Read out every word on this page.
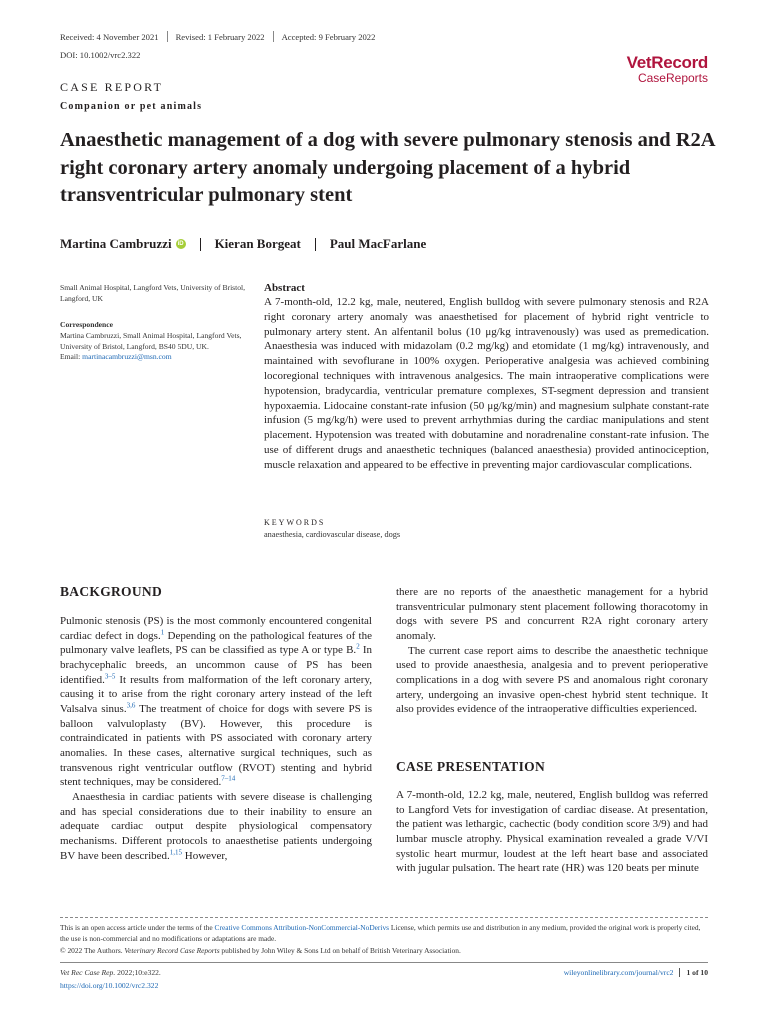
Received: 4 November 2021 Revised: 1 February 2022 Accepted: 9 February 2022
DOI: 10.1002/vrc2.322	VetRecord
CaseReports
CASE REPORT
Companion or pet animals
Anaesthetic management of a dog with severe pulmonary stenosis and R2A right coronary artery anomaly undergoing placement of a hybrid transventricular pulmonary stent
Martina Cambruzzi	iD Kieran Borgeat Paul MacFarlane
Small Animal Hospital, Langford Vets, University of Bristol, Langford, UK
Correspondence
Martina Cambruzzi, Small Animal Hospital, Langford Vets, University of Bristol, Langford, BS40 5DU, UK.
Email: martinacambruzzi@msn.com
Abstract
A 7-month-old, 12.2 kg, male, neutered, English bulldog with severe pulmonary stenosis and R2A right coronary artery anomaly was anaesthetised for placement of hybrid right ventricle to pulmonary artery stent. An alfentanil bolus (10 μg/kg intravenously) was used as premedication. Anaesthesia was induced with midazolam (0.2 mg/kg) and etomidate (1 mg/kg) intravenously, and maintained with sevoflurane in 100% oxygen. Perioperative analgesia was achieved combining locoregional techniques with intravenous analgesics. The main intraoperative complications were hypotension, bradycardia, ventricular premature complexes, ST-segment depression and transient hypoxaemia. Lidocaine constant-rate infusion (50 μg/kg/min) and magnesium sulphate constant-rate infusion (5 mg/kg/h) were used to prevent arrhythmias during the cardiac manipulations and stent placement. Hypotension was treated with dobutamine and noradrenaline constant-rate infusion. The use of different drugs and anaesthetic techniques (balanced anaesthesia) provided antinociception, muscle relaxation and appeared to be effective in preventing major cardiovascular complications.
KEYWORDS
anaesthesia, cardiovascular disease, dogs
BACKGROUND

Pulmonic stenosis (PS) is the most commonly encountered congenital cardiac defect in dogs.$^1$ Depending on the pathological features of the pulmonary valve leaflets, PS can be classified as type A or type B.$^2$ In brachycephalic breeds, an uncommon cause of PS has been identified.$^{3-5}$ It results from malformation of the left coronary artery, causing it to arise from the right coronary artery instead of the left Valsalva sinus.$^{3,6}$ The treatment of choice for dogs with severe PS is balloon valvuloplasty (BV). However, this procedure is contraindicated in patients with PS associated with coronary artery anomalies. In these cases, alternative surgical techniques, such as transvenous right ventricular outflow (RVOT) stenting and hybrid stent techniques, may be considered.$^{7-14}$

Anaesthesia in cardiac patients with severe disease is challenging and has special considerations due to their inability to ensure an adequate cardiac output despite physiological compensatory mechanisms. Different protocols to anaesthetise patients undergoing BV have been described.$^{1,15}$ However,

there are no reports of the anaesthetic management for a hybrid transventricular pulmonary stent placement following thoracotomy in dogs with severe PS and concurrent R2A right coronary artery anomaly.

The current case report aims to describe the anaesthetic technique used to provide anaesthesia, analgesia and to prevent perioperative complications in a dog with severe PS and anomalous right coronary artery, undergoing an invasive open-chest hybrid stent technique. It also provides evidence of the intraoperative difficulties experienced.

CASE PRESENTATION

A 7-month-old, 12.2 kg, male, neutered, English bulldog was referred to Langford Vets for investigation of cardiac disease. At presentation, the patient was lethargic, cachectic (body condition score 3/9) and had lumbar muscle atrophy. Physical examination revealed a grade V/VI systolic heart murmur, loudest at the left heart base and associated with jugular pulsation. The heart rate (HR) was 120 beats per minute

This is an open access article under the terms of the Creative Commons Attribution-NonCommercial-NoDerivs License, which permits use and distribution in any medium, provided the original work is properly cited, the use is non-commercial and no modifications or adaptations are made.
© 2022 The Authors. Veterinary Record Case Reports published by John Wiley & Sons Ltd on behalf of British Veterinary Association.
Vet Rec Case Rep. 2022;10:e322.
https://doi.org/10.1002/vrc2.322
wileyonlinelibrary.com/journal/vrc2 1 of 10
